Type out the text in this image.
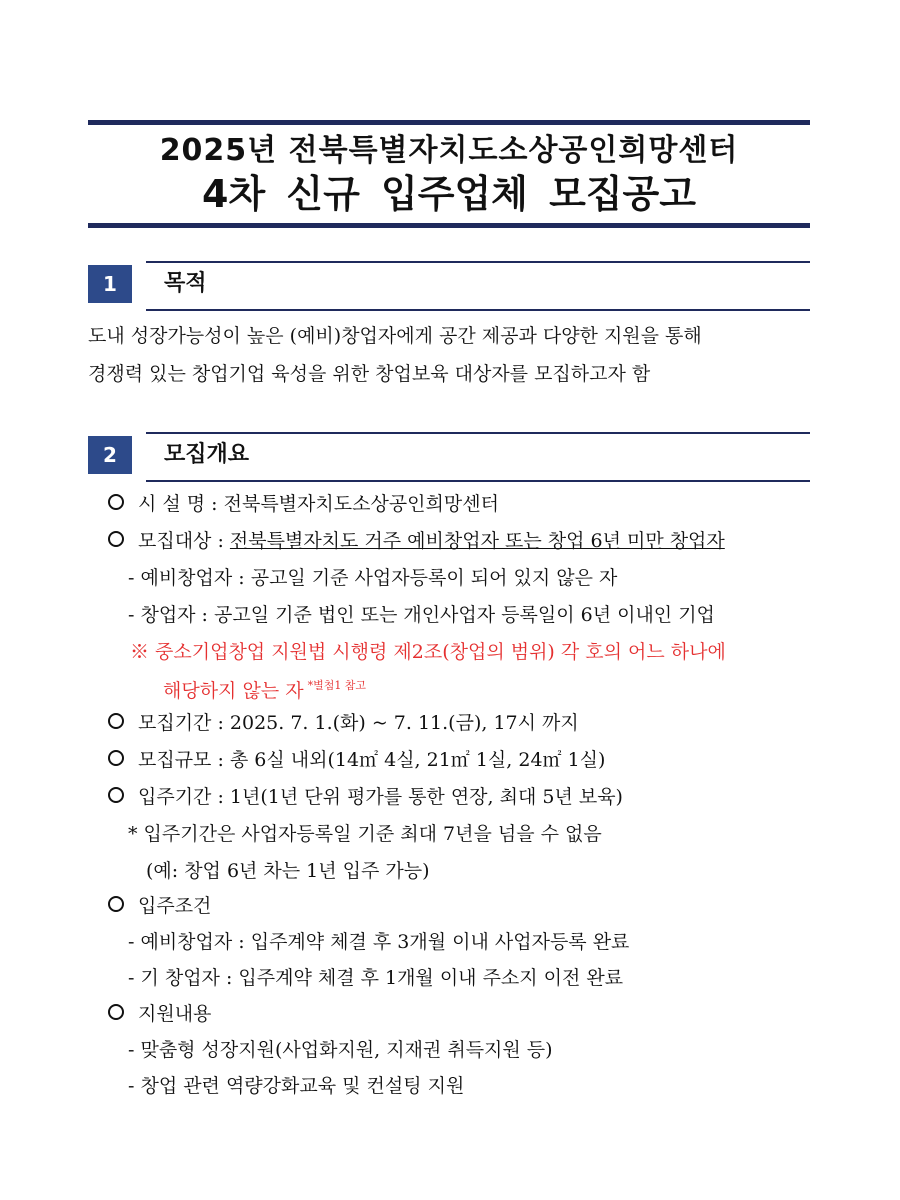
2025년 전북특별자치도소상공인희망센터
4차 신규 입주업체 모집공고
1	목적
도내 성장가능성이 높은 (예비)창업자에게 공간 제공과 다양한 지원을 통해
경쟁력 있는 창업기업 육성을 위한 창업보육 대상자를 모집하고자 함
2	모집개요
시 설 명 : 전북특별자치도소상공인희망센터
모집대상 : 전북특별자치도 거주 예비창업자 또는 창업 6년 미만 창업자
- 예비창업자 : 공고일 기준 사업자등록이 되어 있지 않은 자
- 창업자 : 공고일 기준 법인 또는 개인사업자 등록일이 6년 이내인 기업
※ 중소기업창업 지원법 시행령 제2조(창업의 범위) 각 호의 어느 하나에
해당하지 않는 자 $^{*별첨1 참고}$
모집기간 : 2025. 7. 1.(화) ~ 7. 11.(금), 17시 까지
모집규모 : 총 6실 내외(14㎡ 4실, 21㎡ 1실, 24㎡ 1실)
입주기간 : 1년(1년 단위 평가를 통한 연장, 최대 5년 보육)
* 입주기간은 사업자등록일 기준 최대 7년을 넘을 수 없음
(예: 창업 6년 차는 1년 입주 가능)
입주조건
- 예비창업자 : 입주계약 체결 후 3개월 이내 사업자등록 완료
- 기 창업자 : 입주계약 체결 후 1개월 이내 주소지 이전 완료
지원내용
- 맞춤형 성장지원(사업화지원, 지재권 취득지원 등)
- 창업 관련 역량강화교육 및 컨설팅 지원
